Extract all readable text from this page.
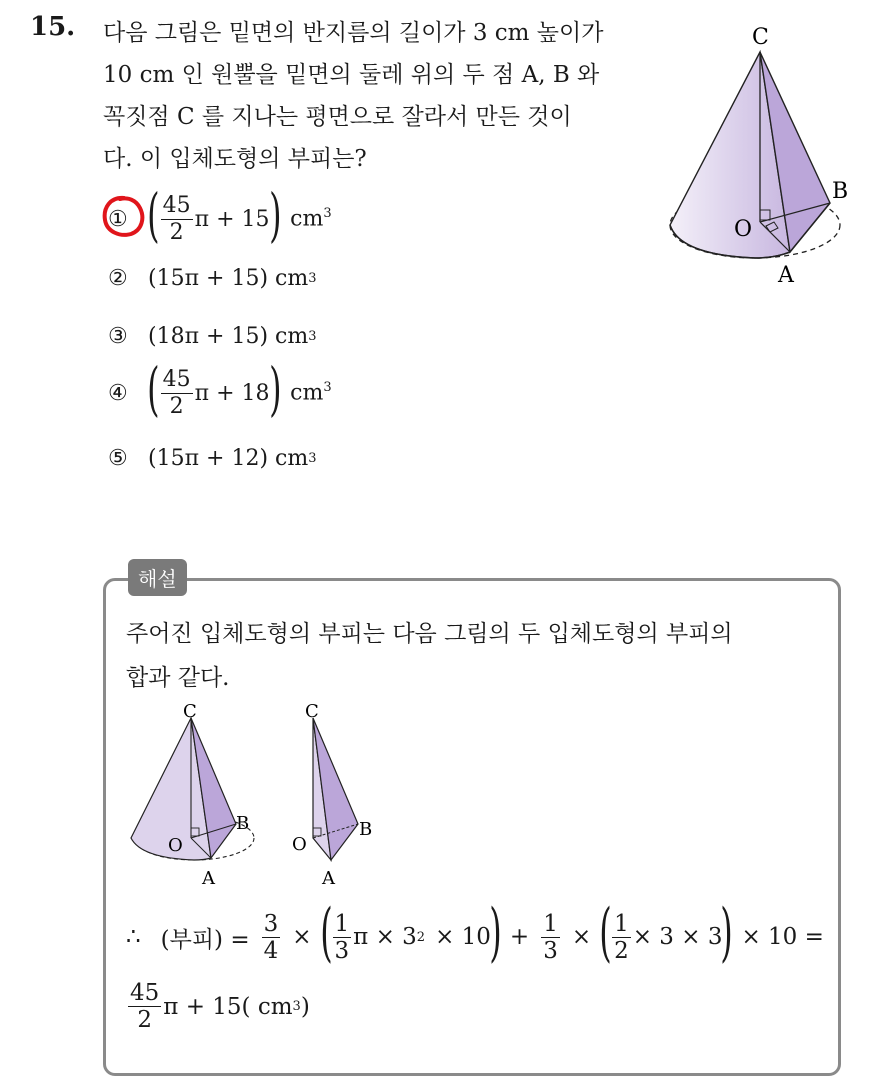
15. 다음 그림은 밑면의 반지름의 길이가 3 cm 높이가
10 cm 인 원뿔을 밑면의 둘레 위의 두 점 A, B 와
꼭짓점 C 를 지나는 평면으로 잘라서 만든 것이
다. 이 입체도형의 부피는?
C
B
O
A
① ( $\frac{45}{2}$ π + 15 ) $cm^3$
② (15π + 15) cm 3
③ (18π + 15) cm 3
④ ( $\frac{45}{2}$ π + 18 ) $cm^3$
⑤ (15π + 12) cm 3
해설
주어진 입체도형의 부피는 다음 그림의 두 입체도형의 부피의
합과 같다.
C
B
O
A
C
B
O
A
∴ (부피) = $\frac{3}{4}$ × ( $\frac{1}{3}$ π × 3 2 × 10
) + $\frac{1}{3}$ × ( $\frac{1}{2} \times 3 \times 3$
) × 10 =
$\frac{45}{2}$ π + 15( cm 3 )
